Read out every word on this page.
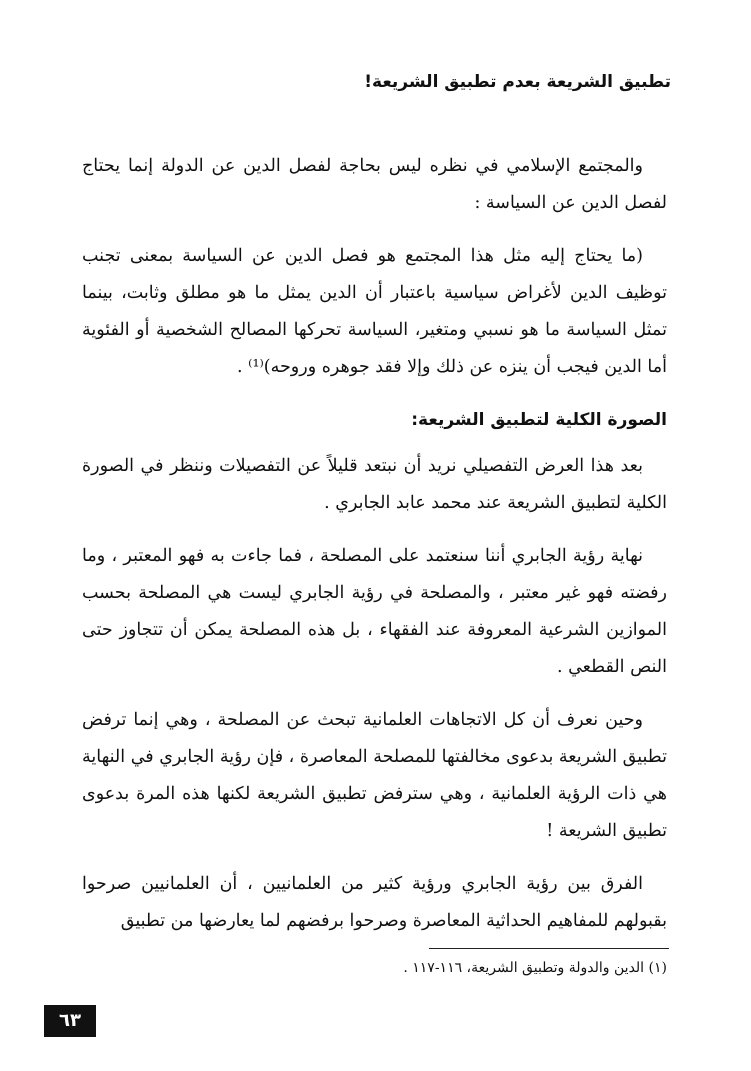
تطبيق الشريعة بعدم تطبيق الشريعة!

والمجتمع الإسلامي في نظره ليس بحاجة لفصل الدين عن الدولة إنما يحتاج لفصل الدين عن السياسة :

(ما يحتاج إليه مثل هذا المجتمع هو فصل الدين عن السياسة بمعنى تجنب توظيف الدين لأغراض سياسية باعتبار أن الدين يمثل ما هو مطلق وثابت، بينما تمثل السياسة ما هو نسبي ومتغير، السياسة تحركها المصالح الشخصية أو الفئوية أما الدين فيجب أن ينزه عن ذلك وإلا فقد جوهره وروحه)⁽¹⁾ .

الصورة الكلية لتطبيق الشريعة:

بعد هذا العرض التفصيلي نريد أن نبتعد قليلاً عن التفصيلات وننظر في الصورة الكلية لتطبيق الشريعة عند محمد عابد الجابري .

نهاية رؤية الجابري أننا سنعتمد على المصلحة ، فما جاءت به فهو المعتبر ، وما رفضته فهو غير معتبر ، والمصلحة في رؤية الجابري ليست هي المصلحة بحسب الموازين الشرعية المعروفة عند الفقهاء ، بل هذه المصلحة يمكن أن تتجاوز حتى النص القطعي .

وحين نعرف أن كل الاتجاهات العلمانية تبحث عن المصلحة ، وهي إنما ترفض تطبيق الشريعة بدعوى مخالفتها للمصلحة المعاصرة ، فإن رؤية الجابري في النهاية هي ذات الرؤية العلمانية ، وهي سترفض تطبيق الشريعة لكنها هذه المرة بدعوى تطبيق الشريعة !

الفرق بين رؤية الجابري ورؤية كثير من العلمانيين ، أن العلمانيين صرحوا بقبولهم للمفاهيم الحداثية المعاصرة وصرحوا برفضهم لما يعارضها من تطبيق

(١) الدين والدولة وتطبيق الشريعة، ١١٦-١١٧ .
٦٣
